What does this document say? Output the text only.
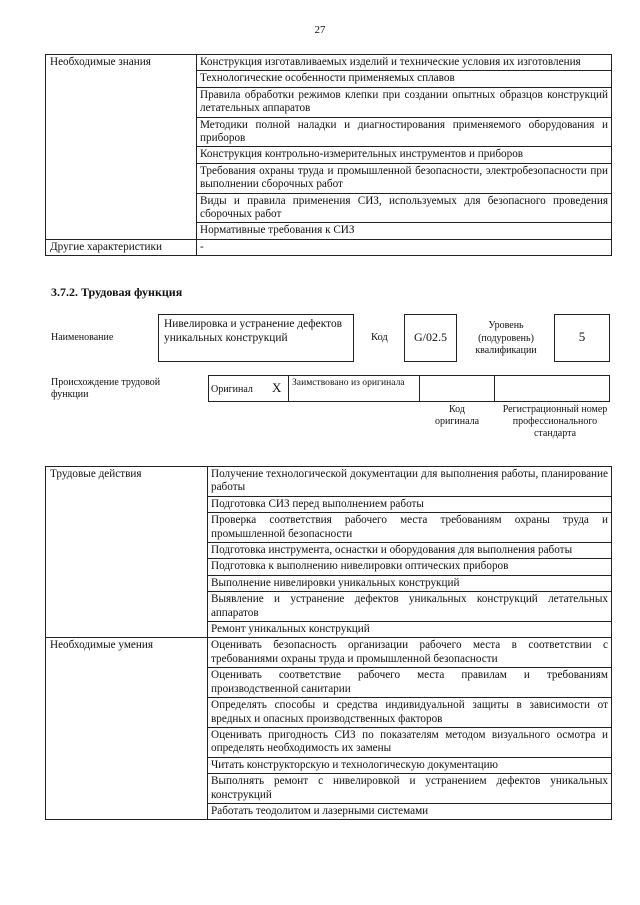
27
Необходимые знания	Конструкция изготавливаемых изделий и технические условия их изготовления
	Технологические особенности применяемых сплавов
	Правила обработки режимов клепки при создании опытных образцов конструкций летательных аппаратов
	Методики полной наладки и диагностирования применяемого оборудования и приборов
	Конструкция контрольно-измерительных инструментов и приборов
	Требования охраны труда и промышленной безопасности, электробезопасности при выполнении сборочных работ
	Виды и правила применения СИЗ, используемых для безопасного проведения сборочных работ
	Нормативные требования к СИЗ
Другие характеристики	-
3.7.2. Трудовая функция
Наименование
Нивелировка и устранение дефектов уникальных конструкций	Код	G/02.5
Уровень (подуровень) квалификации
5
Происхождение трудовой функции	Оригинал X Заимствовано из оригинала
Код оригинала
Регистрационный номер профессионального стандарта
Трудовые действия	Получение технологической документации для выполнения работы, планирование работы
	Подготовка СИЗ перед выполнением работы
	Проверка соответствия рабочего места требованиям охраны труда и промышленной безопасности
	Подготовка инструмента, оснастки и оборудования для выполнения работы
	Подготовка к выполнению нивелировки оптических приборов
	Выполнение нивелировки уникальных конструкций
	Выявление и устранение дефектов уникальных конструкций летательных аппаратов
	Ремонт уникальных конструкций
Необходимые умения	Оценивать безопасность организации рабочего места в соответствии с требованиями охраны труда и промышленной безопасности
	Оценивать соответствие рабочего места правилам и требованиям производственной санитарии
	Определять способы и средства индивидуальной защиты в зависимости от вредных и опасных производственных факторов
	Оценивать пригодность СИЗ по показателям методом визуального осмотра и определять необходимость их замены
	Читать конструкторскую и технологическую документацию
	Выполнять ремонт с нивелировкой и устранением дефектов уникальных конструкций
	Работать теодолитом и лазерными системами
